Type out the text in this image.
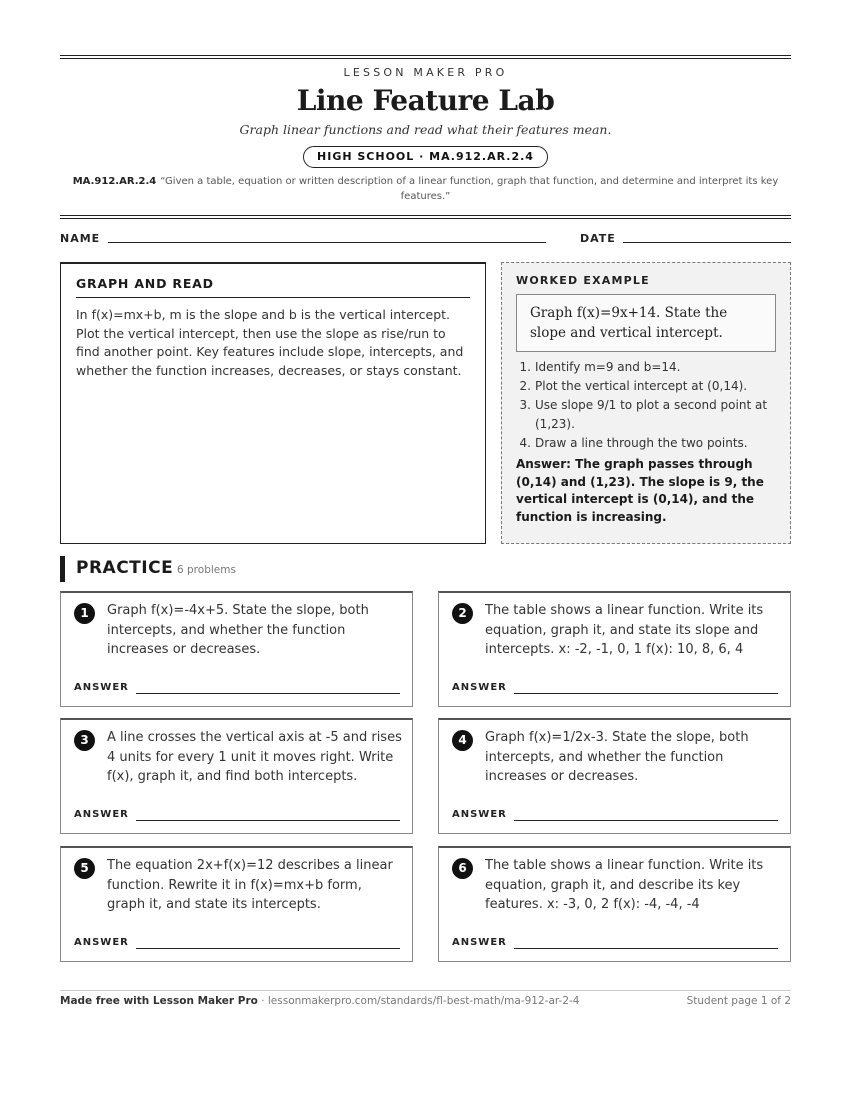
LESSON MAKER PRO
Line Feature Lab
Graph linear functions and read what their features mean.
HIGH SCHOOL · MA.912.AR.2.4
MA.912.AR.2.4 “Given a table, equation or written description of a linear function, graph that function, and determine and interpret its key features.”
NAME	DATE
GRAPH AND READ

In f(x)=mx+b, m is the slope and b is the vertical intercept. Plot the vertical intercept, then use the slope as rise/run to find another point. Key features include slope, intercepts, and whether the function increases, decreases, or stays constant.

WORKED EXAMPLE
Graph f(x)=9x+14. State the slope and vertical intercept.
1. Identify m=9 and b=14.
2. Plot the vertical intercept at (0,14).
3. Use slope 9/1 to plot a second point at (1,23).
4. Draw a line through the two points.
Answer: The graph passes through (0,14) and (1,23). The slope is 9, the vertical intercept is (0,14), and the function is increasing.
PRACTICE 6 problems
1	Graph f(x)=-4x+5. State the slope, both intercepts, and whether the function increases or decreases.
ANSWER
2	The table shows a linear function. Write its equation, graph it, and state its slope and intercepts. x: -2, -1, 0, 1 f(x): 10, 8, 6, 4
ANSWER
3	A line crosses the vertical axis at -5 and rises 4 units for every 1 unit it moves right. Write f(x), graph it, and find both intercepts.
ANSWER
4	Graph f(x)=1/2x-3. State the slope, both intercepts, and whether the function increases or decreases.
ANSWER
5	The equation 2x+f(x)=12 describes a linear function. Rewrite it in f(x)=mx+b form, graph it, and state its intercepts.
ANSWER
6	The table shows a linear function. Write its equation, graph it, and describe its key features. x: -3, 0, 2 f(x): -4, -4, -4
ANSWER
Made free with Lesson Maker Pro · lessonmakerpro.com/standards/fl-best-math/ma-912-ar-2-4	Student page 1 of 2
